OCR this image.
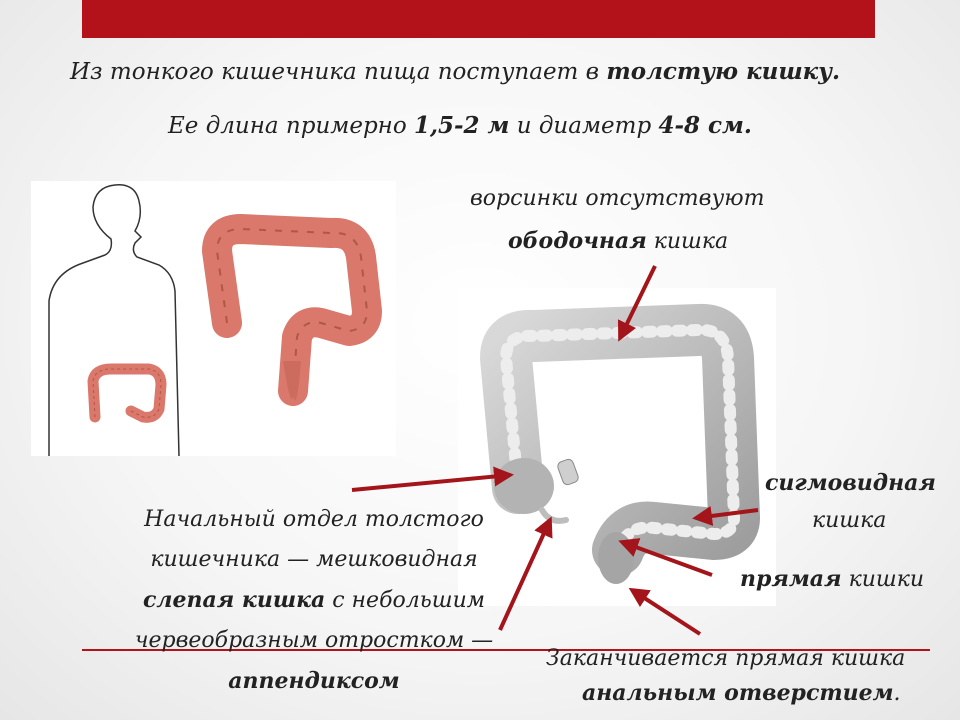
Из тонкого кишечника пища поступает в толстую кишку.
Ее длина примерно 1,5-2 м и диаметр 4-8 см.
ворсинки отсутствуют
ободочная кишка
сигмовидная
кишка
прямая кишки
Начальный отдел толстого
кишечника — мешковидная
слепая кишка с небольшим
червеобразным отростком —
аппендиксом
Заканчивается прямая кишка
анальным отверстием.
